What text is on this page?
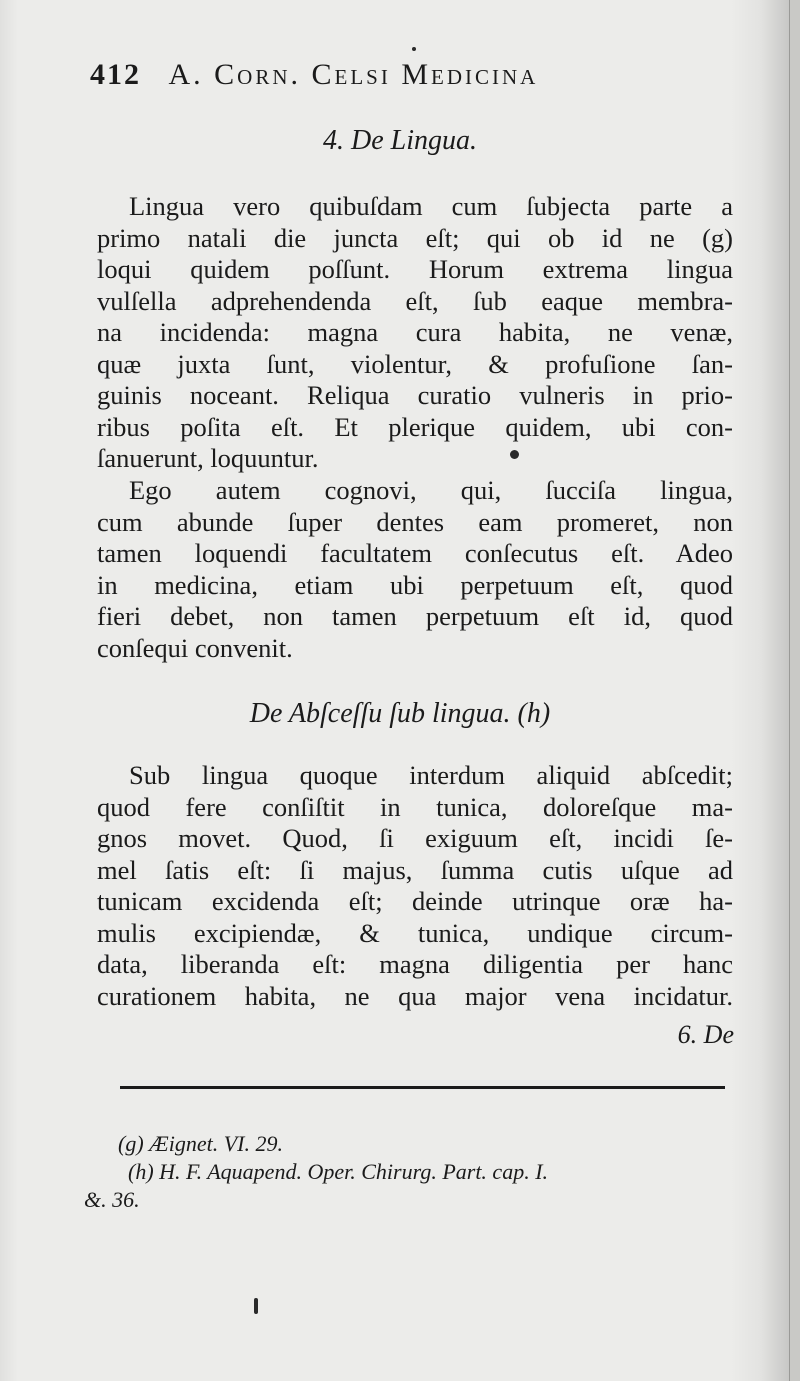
412 A. Corn. Celsi Medicina
4. De Lingua.
Lingua vero quibuſdam cum ſubjecta parte a
primo natali die juncta eſt; qui ob id ne (g)
loqui quidem poſſunt. Horum extrema lingua
vulſella adprehendenda eſt, ſub eaque membra-
na incidenda: magna cura habita, ne venæ,
quæ juxta ſunt, violentur, & profuſione ſan-
guinis noceant. Reliqua curatio vulneris in prio-
ribus poſita eſt. Et plerique quidem, ubi con-
ſanuerunt, loquuntur.
Ego autem cognovi, qui, ſucciſa lingua,
cum abunde ſuper dentes eam promeret, non
tamen loquendi facultatem conſecutus eſt. Adeo
in medicina, etiam ubi perpetuum eſt, quod
fieri debet, non tamen perpetuum eſt id, quod
conſequi convenit.
De Abſceſſu ſub lingua. (h)
Sub lingua quoque interdum aliquid abſcedit;
quod fere conſiſtit in tunica, doloreſque ma-
gnos movet. Quod, ſi exiguum eſt, incidi ſe-
mel ſatis eſt: ſi majus, ſumma cutis uſque ad
tunicam excidenda eſt; deinde utrinque oræ ha-
mulis excipiendæ, & tunica, undique circum-
data, liberanda eſt: magna diligentia per hanc
curationem habita, ne qua major vena incidatur.
6. De
(g) Æignet. VI. 29.
(h) H. F. Aquapend. Oper. Chirurg. Part. cap. I.
&. 36.
